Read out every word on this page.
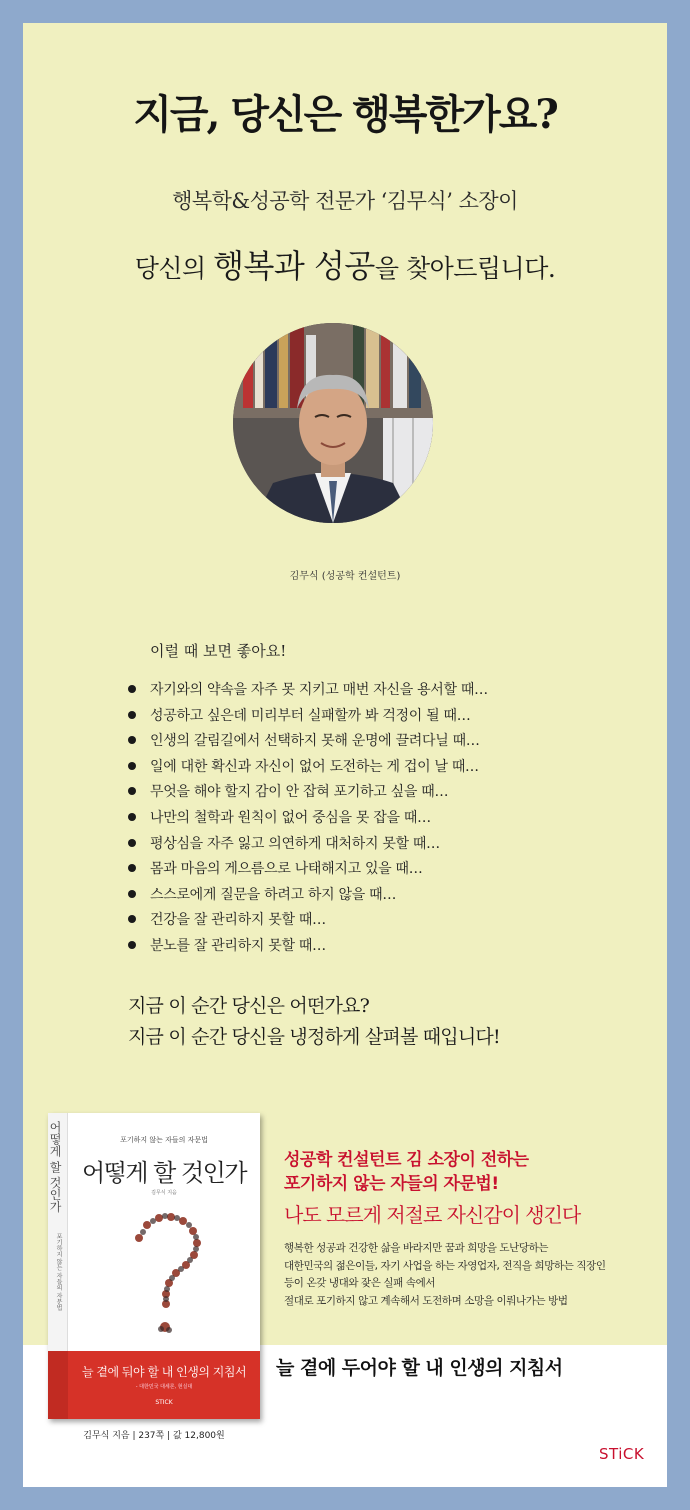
지금, 당신은 행복한가요?

행복학&성공학 전문가 ‘김무식’ 소장이

당신의 행복과 성공을 찾아드립니다.

김무식 (성공학 컨설턴트)

이럴 때 보면 좋아요!

자기와의 약속을 자주 못 지키고 매번 자신을 용서할 때…
성공하고 싶은데 미리부터 실패할까 봐 걱정이 될 때…
인생의 갈림길에서 선택하지 못해 운명에 끌려다닐 때…
일에 대한 확신과 자신이 없어 도전하는 게 겁이 날 때…
무엇을 해야 할지 감이 안 잡혀 포기하고 싶을 때…
나만의 철학과 원칙이 없어 중심을 못 잡을 때…
평상심을 자주 잃고 의연하게 대처하지 못할 때…
몸과 마음의 게으름으로 나태해지고 있을 때…
스스로에게 질문을 하려고 하지 않을 때…
건강을 잘 관리하지 못할 때…
분노를 잘 관리하지 못할 때…
지금 이 순간 당신은 어떤가요?
지금 이 순간 당신을 냉정하게 살펴볼 때입니다!
어떻게 할 것인가
포기하지 않는 자들의 자문법
포기하지 않는 자들의 자문법
어떻게 할 것인가
김무식 지음
늘 곁에 둬야 할 내 인생의 지침서
- 대한민국 대세론, 현실대
STICK
김무식 지음 | 237쪽 | 값 12,800원
성공학 컨설턴트 김 소장이 전하는
포기하지 않는 자들의 자문법!
나도 모르게 저절로 자신감이 생긴다
행복한 성공과 건강한 삶을 바라지만 꿈과 희망을 도난당하는
대한민국의 젊은이들, 자기 사업을 하는 자영업자, 전직을 희망하는 직장인
등이 온갖 냉대와 잦은 실패 속에서
절대로 포기하지 않고 계속해서 도전하며 소망을 이뤄나가는 방법
늘 곁에 두어야 할 내 인생의 지침서
STiCK
